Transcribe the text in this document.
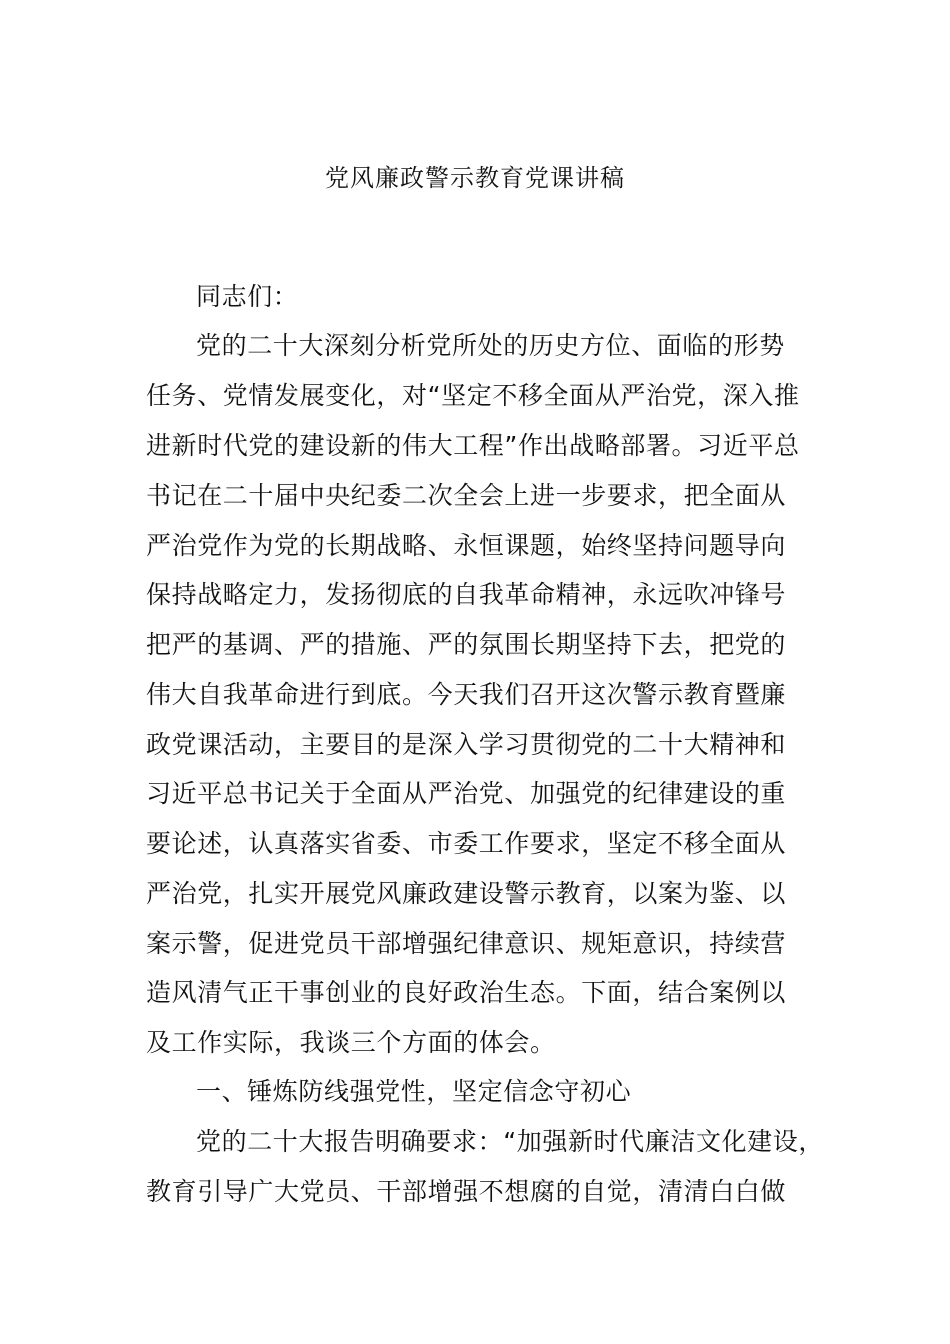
党风廉政警示教育党课讲稿
同志们：
党的二十大深刻分析党所处的历史方位、面临的形势
任务、党情发展变化，对“坚定不移全面从严治党，深入推
进新时代党的建设新的伟大工程”作出战略部署。习近平总
书记在二十届中央纪委二次全会上进一步要求，把全面从
严治党作为党的长期战略、永恒课题，始终坚持问题导向
保持战略定力，发扬彻底的自我革命精神，永远吹冲锋号
把严的基调、严的措施、严的氛围长期坚持下去，把党的
伟大自我革命进行到底。今天我们召开这次警示教育暨廉
政党课活动，主要目的是深入学习贯彻党的二十大精神和
习近平总书记关于全面从严治党、加强党的纪律建设的重
要论述，认真落实省委、市委工作要求，坚定不移全面从
严治党，扎实开展党风廉政建设警示教育，以案为鉴、以
案示警，促进党员干部增强纪律意识、规矩意识，持续营
造风清气正干事创业的良好政治生态。下面，结合案例以
及工作实际，我谈三个方面的体会。
一、锤炼防线强党性，坚定信念守初心
党的二十大报告明确要求：“加强新时代廉洁文化建设，
教育引导广大党员、干部增强不想腐的自觉，清清白白做
